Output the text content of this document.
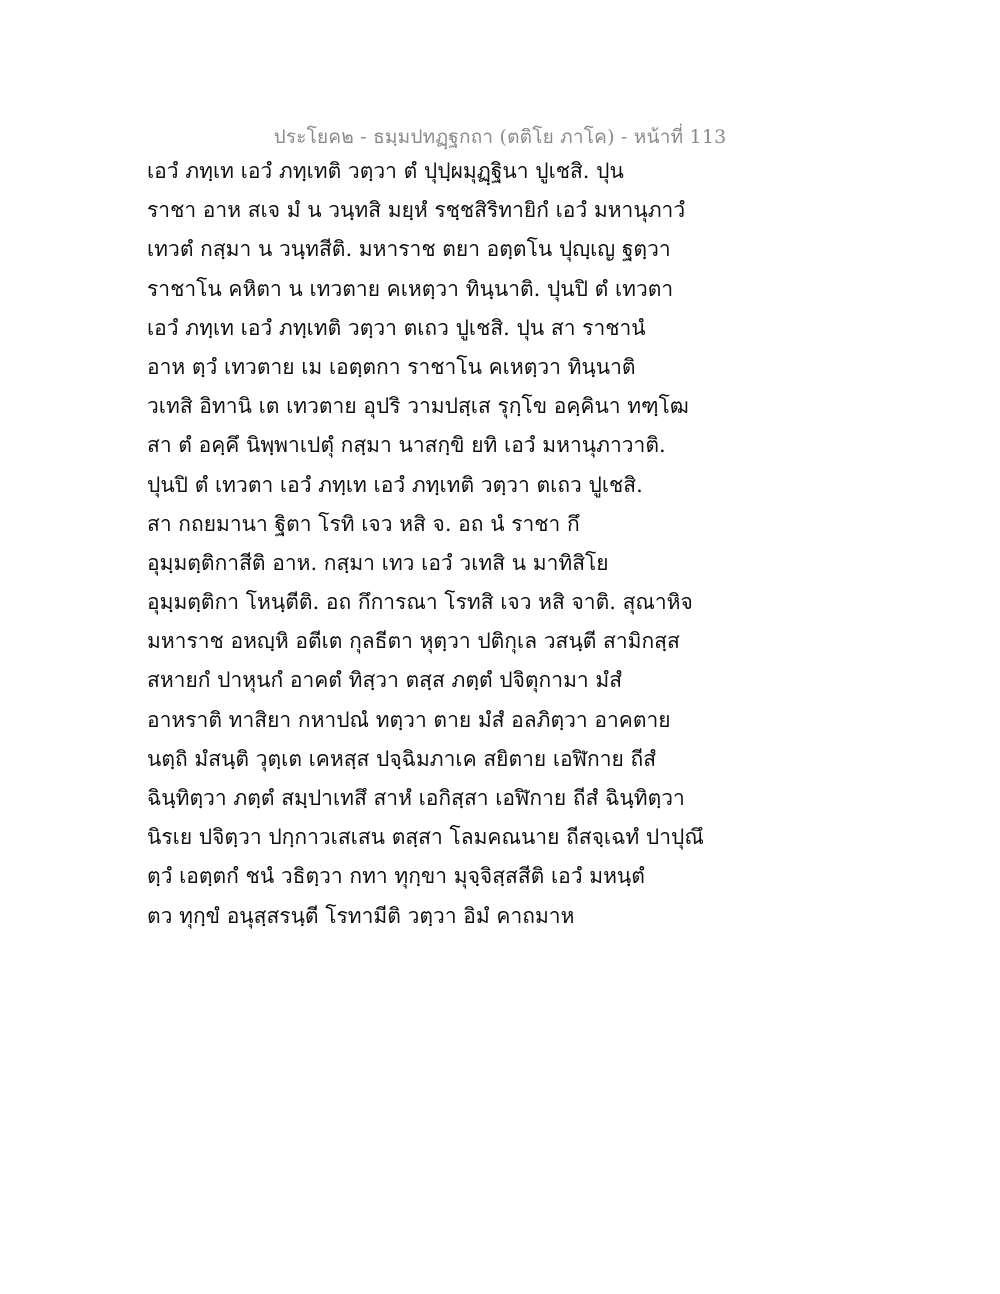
ประโยค๒ - ธมฺมปทฏฺฐกถา (ตติโย ภาโค) - หน้าที่ 113
เอวํ ภทฺเท เอวํ ภทฺเทติ วตฺวา ตํ ปุปฺผมุฏฺฐินา ปูเชสิ. ปุน
ราชา อาห สเจ มํ น วนฺทสิ มยฺหํ รชฺชสิริทายิกํ เอวํ มหานุภาวํ
เทวตํ กสฺมา น วนฺทสีติ. มหาราช ตยา อตฺตโน ปุญฺเญ ฐตฺวา
ราชาโน คหิตา น เทวตาย คเหตฺวา ทินฺนาติ. ปุนปิ ตํ เทวตา
เอวํ ภทฺเท เอวํ ภทฺเทติ วตฺวา ตเถว ปูเชสิ. ปุน สา ราชานํ
อาห ตฺวํ เทวตาย เม เอตฺตกา ราชาโน คเหตฺวา ทินฺนาติ
วเทสิ อิทานิ เต เทวตาย อุปริ วามปสฺเส รุกฺโข อคฺคินา ทฑฺโฒ
สา ตํ อคฺคึ นิพฺพาเปตุํ กสฺมา นาสกฺขิ ยทิ เอวํ มหานุภาวาติ.
ปุนปิ ตํ เทวตา เอวํ ภทฺเท เอวํ ภทฺเทติ วตฺวา ตเถว ปูเชสิ.
สา กถยมานา ฐิตา โรทิ เจว หสิ จ. อถ นํ ราชา กึ
อุมฺมตฺติกาสีติ อาห. กสฺมา เทว เอวํ วเทสิ น มาทิสิโย
อุมฺมตฺติกา โหนฺตีติ. อถ กึการณา โรทสิ เจว หสิ จาติ. สุณาหิจ
มหาราช อหญฺหิ อตีเต กุลธีตา หุตฺวา ปติกุเล วสนฺตี สามิกสฺส
สหายกํ ปาหุนกํ อาคตํ ทิสฺวา ตสฺส ภตฺตํ ปจิตุกามา มํสํ
อาหราติ ทาสิยา กหาปณํ ทตฺวา ตาย มํสํ อลภิตฺวา อาคตาย
นตฺถิ มํสนฺติ วุตฺเต เคหสฺส ปจฺฉิมภาเค สยิตาย เอฬิกาย ถีสํ
ฉินฺทิตฺวา ภตฺตํ สมฺปาเทสึ สาหํ เอกิสฺสา เอฬิกาย ถีสํ ฉินฺทิตฺวา
นิรเย ปจิตฺวา ปกฺกาวเสเสน ตสฺสา โลมคณนาย ถีสจฺเฉทํ ปาปุณึ
ตฺวํ เอตฺตกํ ชนํ วธิตฺวา กทา ทุกฺขา มุจฺจิสฺสสีติ เอวํ มหนฺตํ
ตว ทุกฺขํ อนุสฺสรนฺตี โรทามีติ วตฺวา อิมํ คาถมาห
